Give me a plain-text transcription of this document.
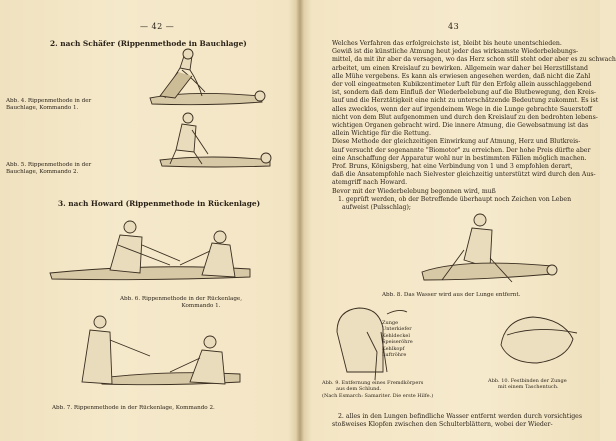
— 42 —
2. nach Schäfer (Rippenmethode in Bauchlage)
Abb. 4. Rippenmethode in der
Bauchlage, Kommando 1.
Abb. 5. Rippenmethode in der
Bauchlage, Kommando 2.
3. nach Howard (Rippenmethode in Rückenlage)
Abb. 6. Rippenmethode in der Rückenlage,
Kommando 1.
Abb. 7. Rippenmethode in der Rückenlage, Kommando 2.
43
Welches Verfahren das erfolgreichste ist, bleibt bis heute unentschieden.
Gewiß ist die künstliche Atmung heut jeder das wirksamste Wiederbelebungs-
mittel, da mit ihr aber da versagen, wo das Herz schon still steht oder aber es zu schwach
arbeitet, um einen Kreislauf zu bewirken. Allgemein war daher bei Herzstillstand
alle Mühe vergebens. Es kann als erwiesen angesehen werden, daß nicht die Zahl
der voll eingeatmeten Kubikzentimeter Luft für den Erfolg allein ausschlaggebend
ist, sondern daß dem Einfluß der Wiederbelebung auf die Blutbewegung, den Kreis-
lauf und die Herztätigkeit eine nicht zu unterschätzende Bedeutung zukommt. Es ist
alles zwecklos, wenn der auf irgendeinem Wege in die Lunge gebrachte Sauerstoff
nicht von dem Blut aufgenommen und durch den Kreislauf zu den bedrohten lebens-
wichtigen Organen gebracht wird. Die innere Atmung, die Gewebsatmung ist das
allein Wichtige für die Rettung.
Diese Methode der gleichzeitigen Einwirkung auf Atmung, Herz und Blutkreis-
lauf versucht der sogenannte "Biomotor" zu erreichen. Der hohe Preis dürfte aber
eine Anschaffung der Apparatur wohl nur in bestimmten Fällen möglich machen.
Prof. Bruns, Königsberg, hat eine Verbindung von 1 und 3 empfohlen derart,
daß die Ansatempfohle nach Sielvester gleichzeitig unterstützt wird durch den Aus-
atemgriff nach Howard.
Bevor mit der Wiederbelebung begonnen wird, muß
1. geprüft werden, ob der Betreffende überhaupt noch Zeichen von Leben
aufweist (Pulsschlag);
Abb. 8. Das Wasser wird aus der Lunge entfernt.
Zunge
Unterkiefer
Kehldeckel
Speiseröhre
Kehlkopf
Luftröhre
Abb. 9. Entfernung eines Fremdkörpers
aus dem Schlund.
(Nach Esmarch: Samariter. Die erste Hilfe.)
Abb. 10. Festbinden der Zunge
mit einem Taschentuch.
2. alles in den Lungen befindliche Wasser entfernt werden durch vorsichtiges
stoßweises Klopfen zwischen den Schulterblättern, wobei der Wieder-
